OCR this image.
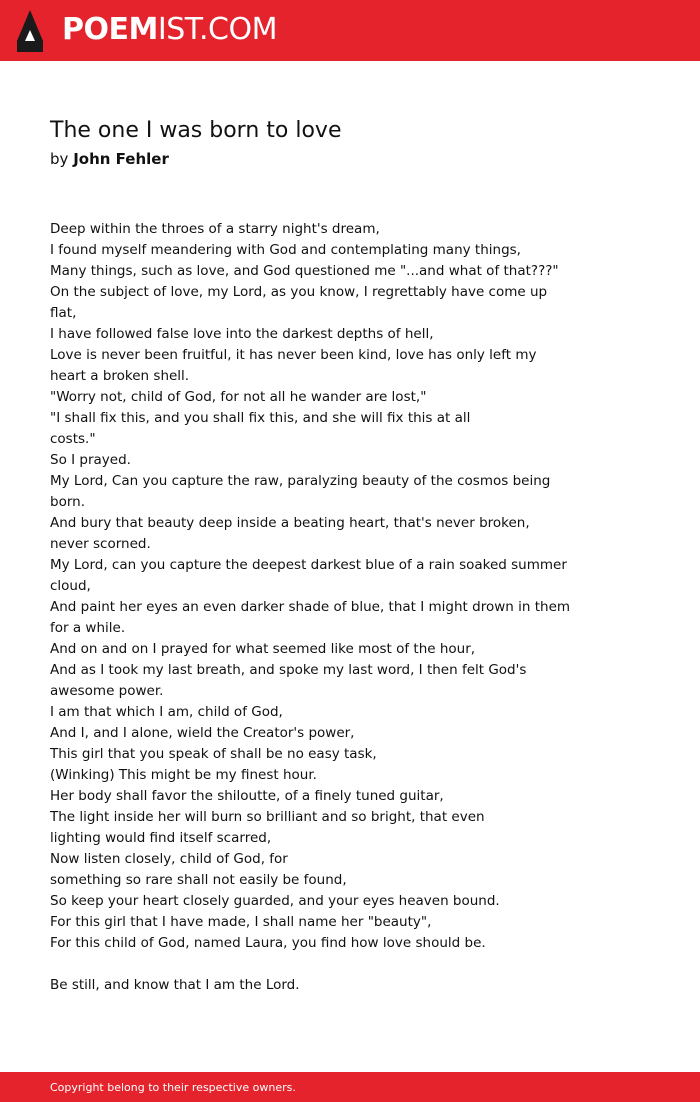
POEMIST.COM
The one I was born to love
by John Fehler
Deep within the throes of a starry night's dream,
I found myself meandering with God and contemplating many things,
Many things, such as love, and God questioned me "...and what of that???"
On the subject of love, my Lord, as you know, I regrettably have come up
flat,
I have followed false love into the darkest depths of hell,
Love is never been fruitful, it has never been kind, love has only left my
heart a broken shell.
"Worry not, child of God, for not all he wander are lost,"
"I shall fix this, and you shall fix this, and she will fix this at all
costs."
So I prayed.
My Lord, Can you capture the raw, paralyzing beauty of the cosmos being
born.
And bury that beauty deep inside a beating heart, that's never broken,
never scorned.
My Lord, can you capture the deepest darkest blue of a rain soaked summer
cloud,
And paint her eyes an even darker shade of blue, that I might drown in them
for a while.
And on and on I prayed for what seemed like most of the hour,
And as I took my last breath, and spoke my last word, I then felt God's
awesome power.
I am that which I am, child of God,
And I, and I alone, wield the Creator's power,
This girl that you speak of shall be no easy task,
(Winking) This might be my finest hour.
Her body shall favor the shiloutte, of a finely tuned guitar,
The light inside her will burn so brilliant and so bright, that even
lighting would find itself scarred,
Now listen closely, child of God, for
something so rare shall not easily be found,
So keep your heart closely guarded, and your eyes heaven bound.
For this girl that I have made, I shall name her "beauty",
For this child of God, named Laura, you find how love should be.
Be still, and know that I am the Lord.
Copyright belong to their respective owners.
